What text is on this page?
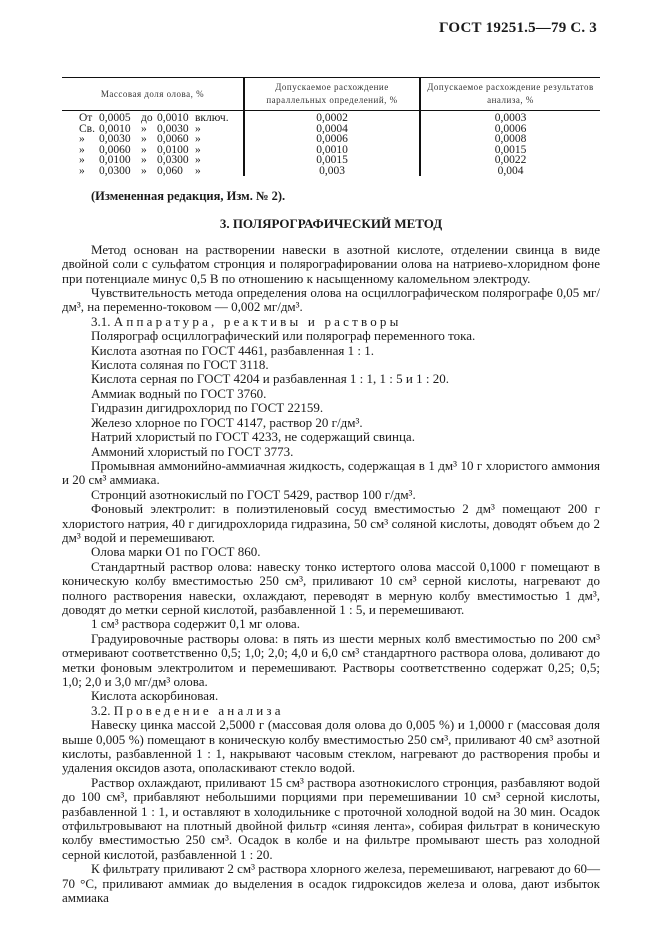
ГОСТ 19251.5—79 С. 3
Массовая доля олова, %	Допускаемое расхождение параллельных определений, %	Допускаемое расхождение результатов анализа, %

От 0,0005 до 0,0010 включ.	0,0002	0,0003

Св. 0,0010 » 0,0030 »	0,0004	0,0006

» 0,0030 » 0,0060 »	0,0006	0,0008

» 0,0060 » 0,0100 »	0,0010	0,0015

» 0,0100 » 0,0300 »	0,0015	0,0022

» 0,0300 » 0,060 »	0,003	0,004

(Измененная редакция, Изм. № 2).

3. ПОЛЯРОГРАФИЧЕСКИЙ МЕТОД

Метод основан на растворении навески в азотной кислоте, отделении свинца в виде двойной соли с сульфатом стронция и полярографировании олова на натриево-хлоридном фоне при потенциале минус 0,5 В по отношению к насыщенному каломельном электроду.

Чувствительность метода определения олова на осциллографическом полярографе 0,05 мг/дм³, на переменно-токовом — 0,002 мг/дм³.

3.1. Аппаратура, реактивы и растворы

Полярограф осциллографический или полярограф переменного тока.

Кислота азотная по ГОСТ 4461, разбавленная 1 : 1.

Кислота соляная по ГОСТ 3118.

Кислота серная по ГОСТ 4204 и разбавленная 1 : 1, 1 : 5 и 1 : 20.

Аммиак водный по ГОСТ 3760.

Гидразин дигидрохлорид по ГОСТ 22159.

Железо хлорное по ГОСТ 4147, раствор 20 г/дм³.

Натрий хлористый по ГОСТ 4233, не содержащий свинца.

Аммоний хлористый по ГОСТ 3773.

Промывная аммонийно-аммиачная жидкость, содержащая в 1 дм³ 10 г хлористого аммония и 20 см³ аммиака.

Стронций азотнокислый по ГОСТ 5429, раствор 100 г/дм³.

Фоновый электролит: в полиэтиленовый сосуд вместимостью 2 дм³ помещают 200 г хлористого натрия, 40 г дигидрохлорида гидразина, 50 см³ соляной кислоты, доводят объем до 2 дм³ водой и перемешивают.

Олова марки О1 по ГОСТ 860.

Стандартный раствор олова: навеску тонко истертого олова массой 0,1000 г помещают в коническую колбу вместимостью 250 см³, приливают 10 см³ серной кислоты, нагревают до полного растворения навески, охлаждают, переводят в мерную колбу вместимостью 1 дм³, доводят до метки серной кислотой, разбавленной 1 : 5, и перемешивают.

1 см³ раствора содержит 0,1 мг олова.

Градуировочные растворы олова: в пять из шести мерных колб вместимостью по 200 см³ отмеривают соответственно 0,5; 1,0; 2,0; 4,0 и 6,0 см³ стандартного раствора олова, доливают до метки фоновым электролитом и перемешивают. Растворы соответственно содержат 0,25; 0,5; 1,0; 2,0 и 3,0 мг/дм³ олова.

Кислота аскорбиновая.

3.2. Проведение анализа

Навеску цинка массой 2,5000 г (массовая доля олова до 0,005 %) и 1,0000 г (массовая доля выше 0,005 %) помещают в коническую колбу вместимостью 250 см³, приливают 40 см³ азотной кислоты, разбавленной 1 : 1, накрывают часовым стеклом, нагревают до растворения пробы и удаления оксидов азота, ополаскивают стекло водой.

Раствор охлаждают, приливают 15 см³ раствора азотнокислого стронция, разбавляют водой до 100 см³, прибавляют небольшими порциями при перемешивании 10 см³ серной кислоты, разбавленной 1 : 1, и оставляют в холодильнике с проточной холодной водой на 30 мин. Осадок отфильтровывают на плотный двойной фильтр «синяя лента», собирая фильтрат в коническую колбу вместимостью 250 см³. Осадок в колбе и на фильтре промывают шесть раз холодной серной кислотой, разбавленной 1 : 20.

К фильтрату приливают 2 см³ раствора хлорного железа, перемешивают, нагревают до 60—70 °С, приливают аммиак до выделения в осадок гидроксидов железа и олова, дают избыток аммиака
